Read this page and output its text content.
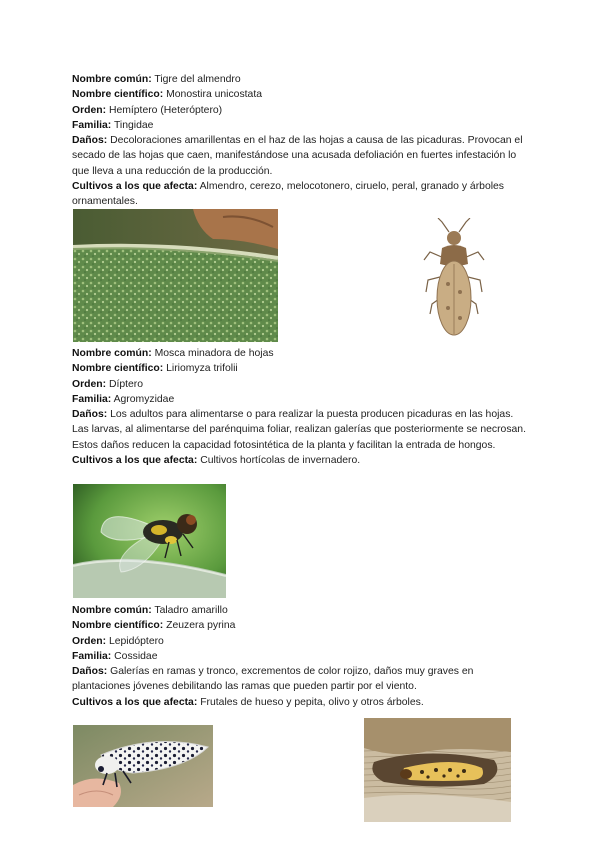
Nombre común: Tigre del almendro
Nombre científico: Monostira unicostata
Orden: Hemíptero (Heteróptero)
Familia: Tingidae
Daños: Decoloraciones amarillentas en el haz de las hojas a causa de las picaduras. Provocan el secado de las hojas que caen, manifestándose una acusada defoliación en fuertes infestación lo que lleva a una reducción de la producción.
Cultivos a los que afecta: Almendro, cerezo, melocotonero, ciruelo, peral, granado y árboles ornamentales.
Nombre común: Mosca minadora de hojas
Nombre científico: Liriomyza trifolii
Orden: Díptero
Familia: Agromyzidae
Daños: Los adultos para alimentarse o para realizar la puesta producen picaduras en las hojas. Las larvas, al alimentarse del parénquima foliar, realizan galerías que posteriormente se necrosan. Estos daños reducen la capacidad fotosintética de la planta y facilitan la entrada de hongos.
Cultivos a los que afecta: Cultivos hortícolas de invernadero.
Nombre común: Taladro amarillo
Nombre científico: Zeuzera pyrina
Orden: Lepidóptero
Familia: Cossidae
Daños: Galerías en ramas y tronco, excrementos de color rojizo, daños muy graves en plantaciones jóvenes debilitando las ramas que pueden partir por el viento.
Cultivos a los que afecta: Frutales de hueso y pepita, olivo y otros árboles.
